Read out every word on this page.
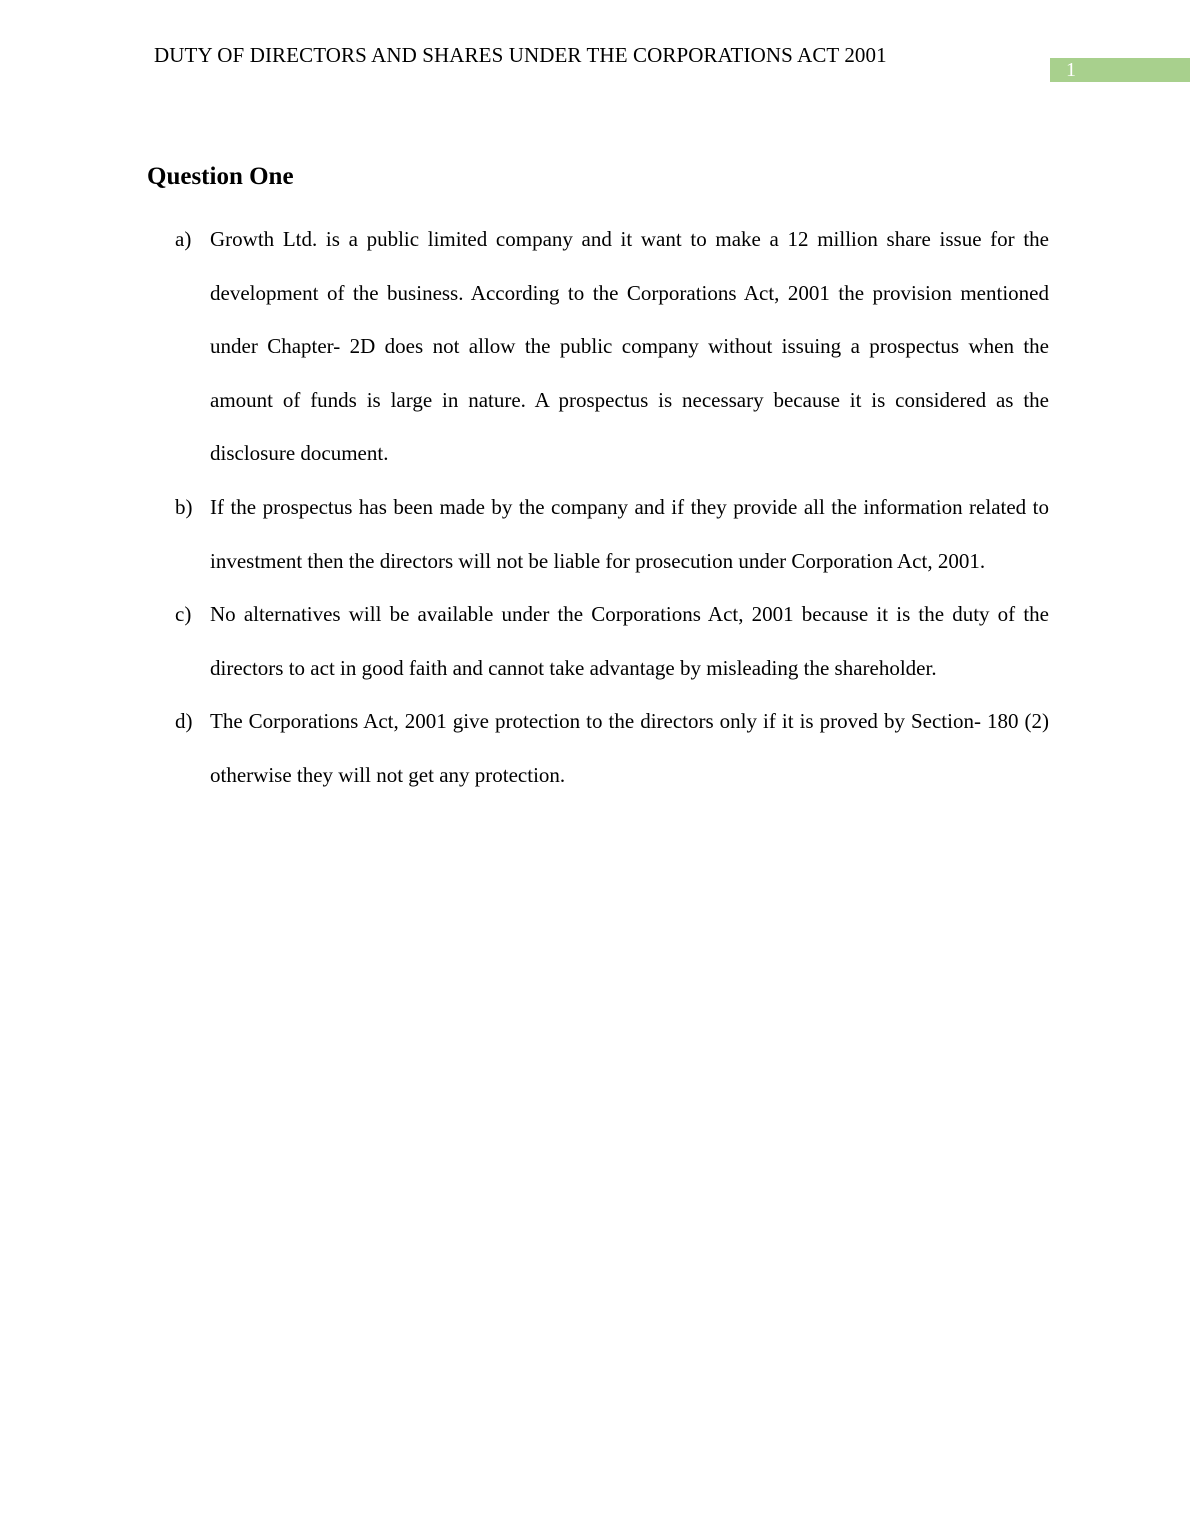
DUTY OF DIRECTORS AND SHARES UNDER THE CORPORATIONS ACT 2001
1
Question One
a) Growth Ltd. is a public limited company and it want to make a 12 million share issue for the development of the business. According to the Corporations Act, 2001 the provision mentioned under Chapter- 2D does not allow the public company without issuing a prospectus when the amount of funds is large in nature. A prospectus is necessary because it is considered as the disclosure document.
b) If the prospectus has been made by the company and if they provide all the information related to investment then the directors will not be liable for prosecution under Corporation Act, 2001.
c) No alternatives will be available under the Corporations Act, 2001 because it is the duty of the directors to act in good faith and cannot take advantage by misleading the shareholder.
d) The Corporations Act, 2001 give protection to the directors only if it is proved by Section- 180 (2) otherwise they will not get any protection.
